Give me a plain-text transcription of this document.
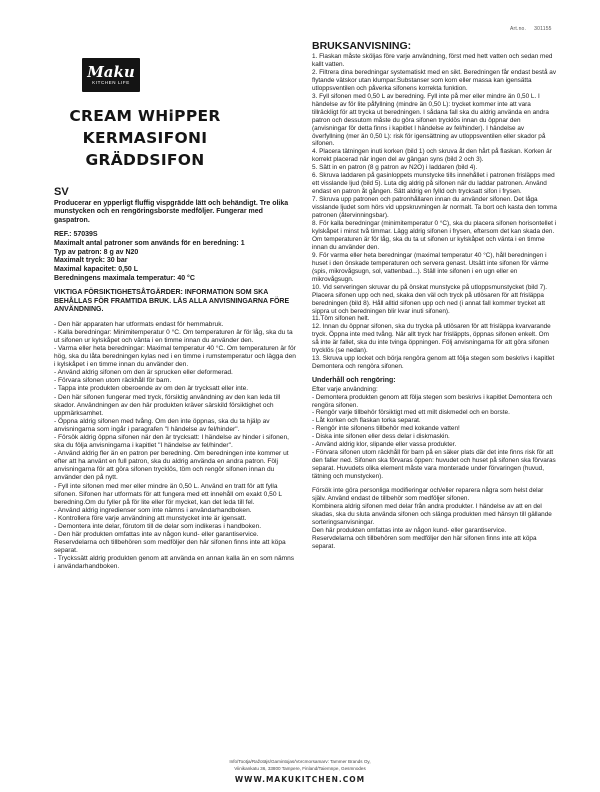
Art.no. 301155
Maku
KITCHEN LIFE
CREAM WHiPPER
KERMASIFONI
GRÄDDSIFON
SV
Producerar en ypperligt fluffig vispgrädde lätt och behändigt. Tre olika munstycken och en rengöringsborste medföljer. Fungerar med gaspatron.
REF.: 57039S
Maximalt antal patroner som används för en beredning: 1
Typ av patron: 8 g av N20
Maximalt tryck: 30 bar
Maximal kapacitet: 0,50 L
Beredningens maximala temperatur: 40 °C
VIKTIGA FÖRSIKTIGHETSÅTGÄRDER: INFORMATION SOM SKA BEHÅLLAS FÖR FRAMTIDA BRUK. LÄS ALLA ANVISNINGARNA FÖRE ANVÄNDNING.
- Den här apparaten har utformats endast för hemmabruk.
- Kalla beredningar: Minimitemperatur 0 °C. Om temperaturen är för låg, ska du ta ut sifonen ur kylskåpet och vänta i en timme innan du använder den.
- Varma eller heta beredningar: Maximal temperatur 40 °C. Om temperaturen är för hög, ska du låta beredningen kylas ned i en timme i rumstemperatur och lägga den i kylskåpet i en timme innan du använder den.
- Använd aldrig sifonen om den är sprucken eller deformerad.
- Förvara sifonen utom räckhåll för barn.
- Tappa inte produkten oberoende av om den är trycksatt eller inte.
- Den här sifonen fungerar med tryck, försiktig användning av den kan leda till skador. Användningen av den här produkten kräver särskild försiktighet och uppmärksamhet.
- Öppna aldrig sifonen med tvång. Om den inte öppnas, ska du ta hjälp av anvisningarna som ingår i paragrafen "I händelse av fel/hinder".
- Försök aldrig öppna sifonen när den är trycksatt: I händelse av hinder i sifonen, ska du följa anvisningarna i kapitlet "I händelse av fel/hinder".
- Använd aldrig fler än en patron per beredning. Om beredningen inte kommer ut efter att ha använt en full patron, ska du aldrig använda en andra patron. Följ anvisningarna för att göra sifonen trycklös, töm och rengör sifonen innan du använder den på nytt.
- Fyll inte sifonen med mer eller mindre än 0,50 L. Använd en tratt för att fylla sifonen. Sifonen har utformats för att fungera med ett innehåll om exakt 0,50 L beredning.Om du fyller på för lite eller för mycket, kan det leda till fel.
- Använd aldrig ingredienser som inte nämns i användarhandboken.
- Kontrollera före varje användning att munstycket inte är igensatt.
- Demontera inte delar, förutom till de delar som indikeras i handboken.
- Den här produkten omfattas inte av någon kund- eller garantiservice. Reservdelarna och tillbehören som medföljer den här sifonen finns inte att köpa separat.
- Tryckssätt aldrig produkten genom att använda en annan kalla än en som nämns i användarhandboken.
BRUKSANVISNING:
1. Flaskan måste sköljas före varje användning, först med hett vatten och sedan med kallt vatten.
2. Filtrera dina beredningar systematiskt med en sikt. Beredningen får endast bestå av flytande vätskor utan klumpar.Substanser som korn eller massa kan igensätta utloppsventilen och påverka sifonens korrekta funktion.
3. Fyll sifonen med 0,50 L av beredning. Fyll inte på mer eller mindre än 0,50 L. I händelse av för lite påfyllning (mindre än 0,50 L): trycket kommer inte att vara tillräckligt för att trycka ut beredningen. I sådana fall ska du aldrig använda en andra patron och dessutom måste du göra sifonen trycklös innan du öppnar den (anvisningar för detta finns i kapitlet I händelse av fel/hinder). I händelse av överfyllning (mer än 0,50 L): risk för igensättning av utloppsventilen eller skador på sifonen.
4. Placera tätningen inuti korken (bild 1) och skruva åt den hårt på flaskan. Korken är korrekt placerad när ingen del av gängan syns (bild 2 och 3).
5. Sätt in en patron (8 g patron av N2O) i laddaren (bild 4).
6. Skruva laddaren på gasinloppets munstycke tills innehållet i patronen frisläpps med ett visslande ljud (bild 5). Luta dig aldrig på sifonen när du laddar patronen. Använd endast en patron åt gången. Sätt aldrig en fylld och trycksatt sifon i frysen.
7. Skruva upp patronen och patronhållaren innan du använder sifonen. Det låga visslande ljudet som hörs vid uppskruvningen är normalt. Ta bort och kasta den tomma patronen (återvinningsbar).
8. För kalla beredningar (minimitemperatur 0 °C), ska du placera sifonen horisontellet i kylskåpet i minst två timmar. Lägg aldrig sifonen i frysen, eftersom det kan skada den. Om temperaturen är för låg, ska du ta ut sifonen ur kylskåpet och vänta i en timme innan du använder den.
9. För varma eller heta beredningar (maximal temperatur 40 °C), håll beredningen i huset i den önskade temperaturen och servera genast. Utsätt inte sifonen för värme (spis, mikrovågsugn, sol, vattenbad...). Ställ inte sifonen i en ugn eller en mikrovågsugn.
10. Vid serveringen skruvar du på önskat munstycke på utloppsmunstycket (bild 7). Placera sifonen upp och ned, skaka den väl och tryck på utlösaren för att frisläppa beredningen (bild 8). Håll alltid sifonen upp och ned (i annat fall kommer trycket att sippra ut och beredningen blir kvar inuti sifonen).
11.Töm sifonen helt.
12. Innan du öppnar sifonen, ska du trycka på utlösaren för att frisläppa kvarvarande tryck. Öppna inte med tvång. När allt tryck har frisläppts, öppnas sifonen enkelt. Om så inte är fallet, ska du inte tvinga öppningen. Följ anvisningarna för att göra sifonen trycklös (se nedan).
13. Skruva upp locket och börja rengöra genom att följa stegen som beskrivs i kapitlet Demontera och rengöra sifonen.
Underhåll och rengöring:
Efter varje användning:
- Demontera produkten genom att följa stegen som beskrivs i kapitlet Demontera och rengöra sifonen.
- Rengör varje tillbehör försiktigt med ett milt diskmedel och en borste.
- Låt korken och flaskan torka separat.
- Rengör inte sifonens tillbehör med kokande vatten!
- Diska inte sifonen eller dess delar i diskmaskin.
- Använd aldrig klor, slipande eller vassa produkter.
- Förvara sifonen utom räckhåll för barn på en säker plats där det inte finns risk för att den faller ned. Sifonen ska förvaras öppen: huvudet och huset på sifonen ska förvaras separat. Huvudets olika element måste vara monterade under förvaringen (huvud, tätning och munstycken).
Försök inte göra personliga modifieringar och/eller reparera några som helst delar själv. Använd endast de tillbehör som medföljer sifonen.
Kombinera aldrig sifonen med delar från andra produkter. I händelse av att en del skadas, ska du sluta använda sifonen och slänga produkten med hänsyn till gällande sorteringsanvisningar.
Den här produkten omfattas inte av någon kund- eller garantiservice.
Reservdelarna och tillbehören som medföljer den här sifonen finns inte att köpa separat.
Info/Tootja/Ražotājs/Gamintojas/Vorcmorsamarv: Tammer Brands Oy,
Viinikankatu 36, 33800 Tampere, Finland/Taiemnpe, Gesmnodes
WWW.MAKUKITCHEN.COM
